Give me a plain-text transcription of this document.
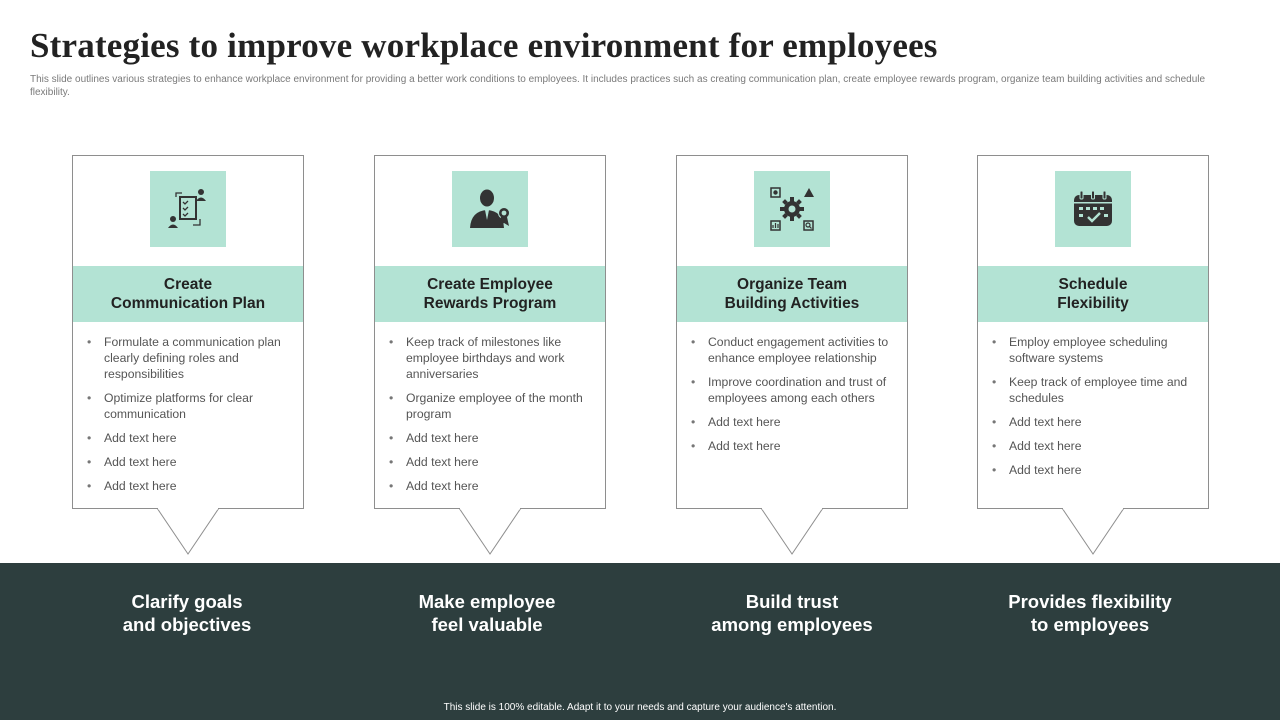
Strategies to improve workplace environment for employees
This slide outlines various strategies to enhance workplace environment for providing a better work conditions to employees. It includes practices such as creating communication plan, create employee rewards program, organize team building activities and schedule flexibility.
Create
Communication Plan
• Formulate a communication plan clearly defining roles and responsibilities
• Optimize platforms for clear communication
• Add text here
• Add text here
• Add text here
Create Employee
Rewards Program
• Keep track of milestones like employee birthdays and work anniversaries
• Organize employee of the month program
• Add text here
• Add text here
• Add text here
Organize Team
Building Activities
• Conduct engagement activities to enhance employee relationship
• Improve coordination and trust of employees among each others
• Add text here
• Add text here
Schedule
Flexibility
• Employ employee scheduling software systems
• Keep track of employee time and schedules
• Add text here
• Add text here
• Add text here
Clarify goals
and objectives
Make employee
feel valuable
Build trust
among employees
Provides flexibility
to employees
This slide is 100% editable. Adapt it to your needs and capture your audience's attention.
